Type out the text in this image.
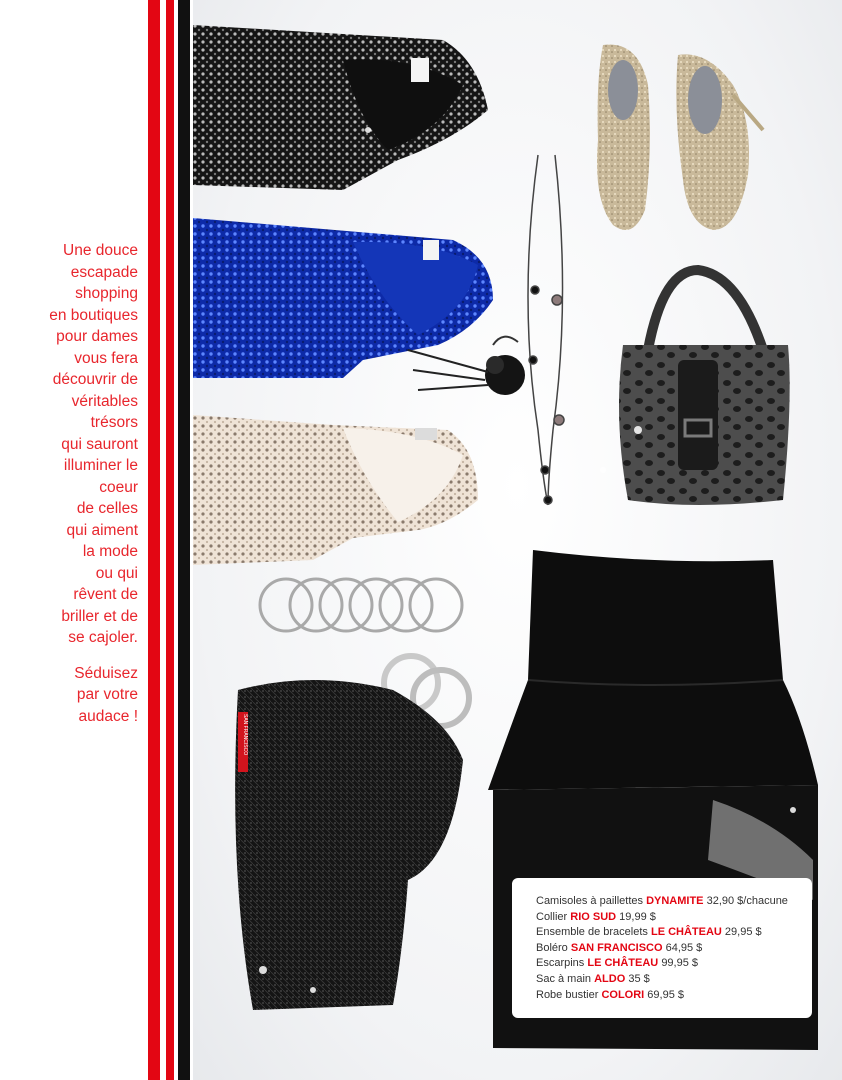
Une douce
escapade
shopping
en boutiques
pour dames
vous fera
découvrir de
véritables
trésors
qui sauront
illuminer le
coeur
de celles
qui aiment
la mode
ou qui
rêvent de
briller et de
se cajoler.

Séduisez
par votre
audace !	SAN FRANCISCO
Camisoles à paillettes DYNAMITE 32,90 $/chacune
Collier RIO SUD 19,99 $
Ensemble de bracelets LE CHÂTEAU 29,95 $
Boléro SAN FRANCISCO 64,95 $
Escarpins LE CHÂTEAU 99,95 $
Sac à main ALDO 35 $
Robe bustier COLORI 69,95 $
